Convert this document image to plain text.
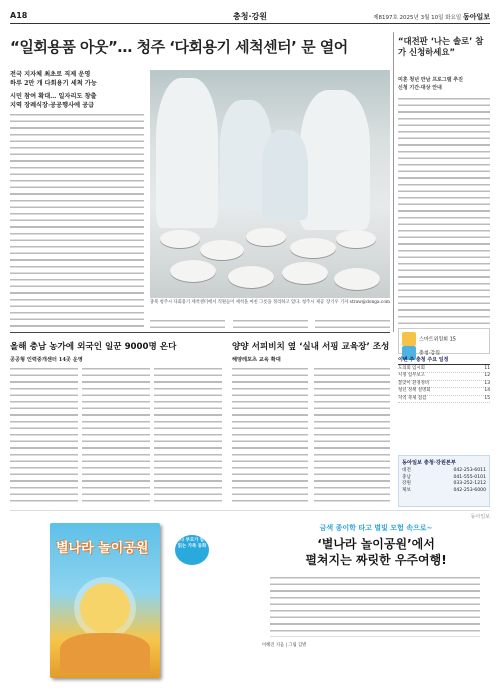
A18	충청·강원	제8197호 2025년 3월 10일 화요일 동아일보
“일회용품 아웃”… 청주 ‘다회용기 세척센터’ 문 열어
전국 지자체 최초로 직제 운영
하루 2만 개 다회용기 세척 가능
시민 참여 확대… 일자리도 창출
지역 장례식장·공공행사에 공급
충북 청주시 다회용기 세척센터에서 직원들이 세척을 마친 그릇을 정리하고 있다. 청주시 제공 장기우 기자 straw@donga.com
“대전판 ‘나는 솔로’ 참가 신청하세요”
미혼 청년 만남 프로그램 추진
신청 기간·대상 안내
올해 충남 농가에 외국인 일꾼 9000명 온다
공공형 인력중개센터 14곳 운영
양양 서피비치 옆 ‘실내 서핑 교육장’ 조성
해양레포츠 교육 확대
스마트위원회 15
충청·강원
이번 주 충청 주요 일정
도의회 임시회	11
시정 업무보고	12
봄맞이 환경정비	13
청년 정책 설명회	14
지역 축제 점검	15
동아일보 충청·강원본부
대전	042-253-6011
충남	041-555-0101
강원	033-252-1212
제보	042-253-6000
별나라 놀이공원
지나 부모가 함께 읽는 가족 동화
동아일보
금색 종이학 타고 별빛 모험 속으로~
‘별나라 놀이공원’에서
펼쳐지는 짜릿한 우주여행!
이혜진 지음 | 그림 김별
